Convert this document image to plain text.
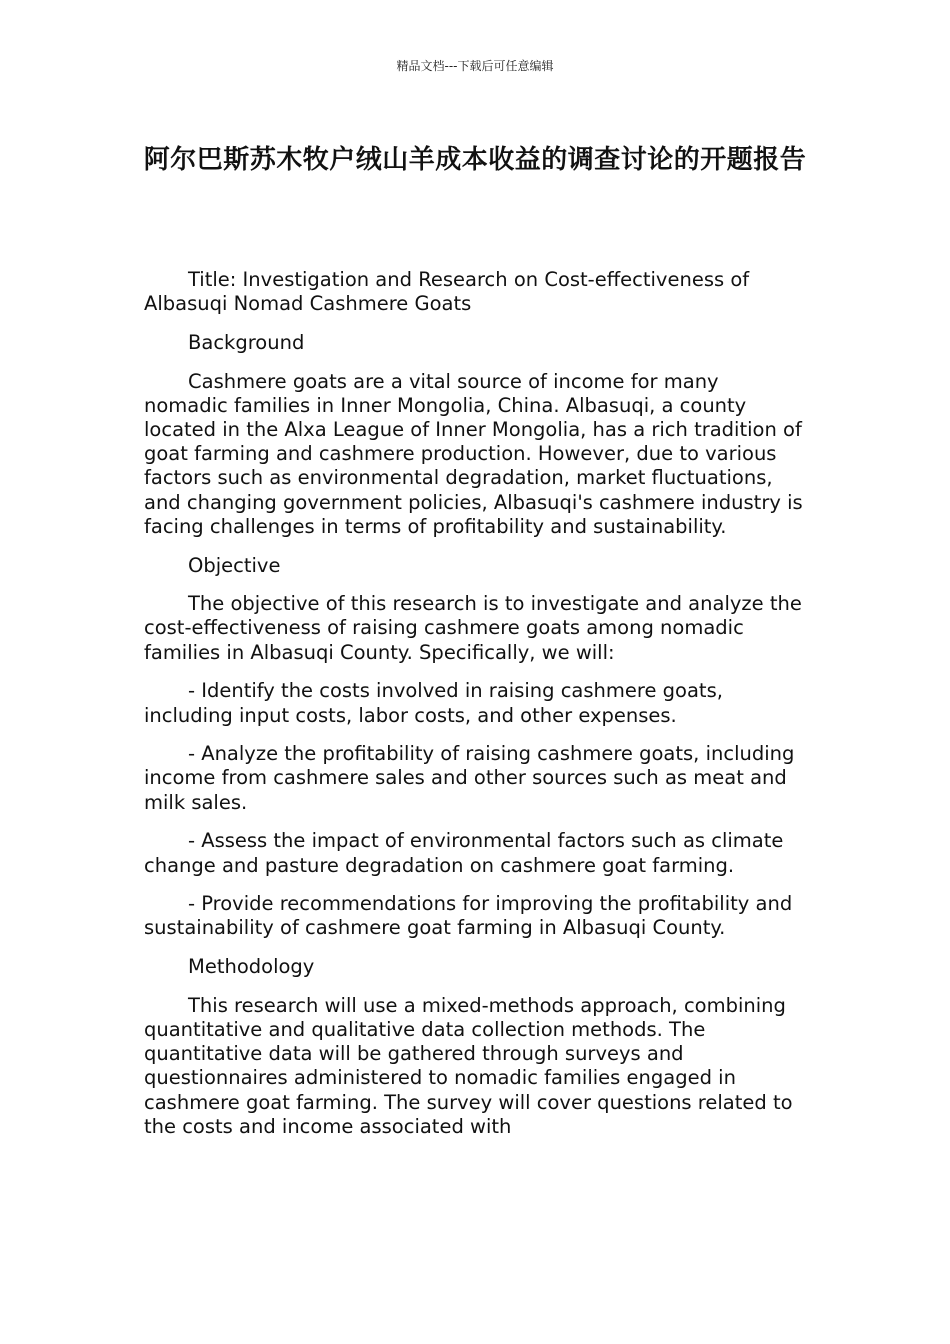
精品文档---下载后可任意编辑
阿尔巴斯苏木牧户绒山羊成本收益的调查讨论的开题报告

Title: Investigation and Research on Cost-effectiveness of Albasuqi Nomad Cashmere Goats

Background

Cashmere goats are a vital source of income for many nomadic families in Inner Mongolia, China. Albasuqi, a county located in the Alxa League of Inner Mongolia, has a rich tradition of goat farming and cashmere production. However, due to various factors such as environmental degradation, market fluctuations, and changing government policies, Albasuqi's cashmere industry is facing challenges in terms of profitability and sustainability.

Objective

The objective of this research is to investigate and analyze the cost-effectiveness of raising cashmere goats among nomadic families in Albasuqi County. Specifically, we will:

- Identify the costs involved in raising cashmere goats, including input costs, labor costs, and other expenses.

- Analyze the profitability of raising cashmere goats, including income from cashmere sales and other sources such as meat and milk sales.

- Assess the impact of environmental factors such as climate change and pasture degradation on cashmere goat farming.

- Provide recommendations for improving the profitability and sustainability of cashmere goat farming in Albasuqi County.

Methodology

This research will use a mixed-methods approach, combining quantitative and qualitative data collection methods. The quantitative data will be gathered through surveys and questionnaires administered to nomadic families engaged in cashmere goat farming. The survey will cover questions related to the costs and income associated with
